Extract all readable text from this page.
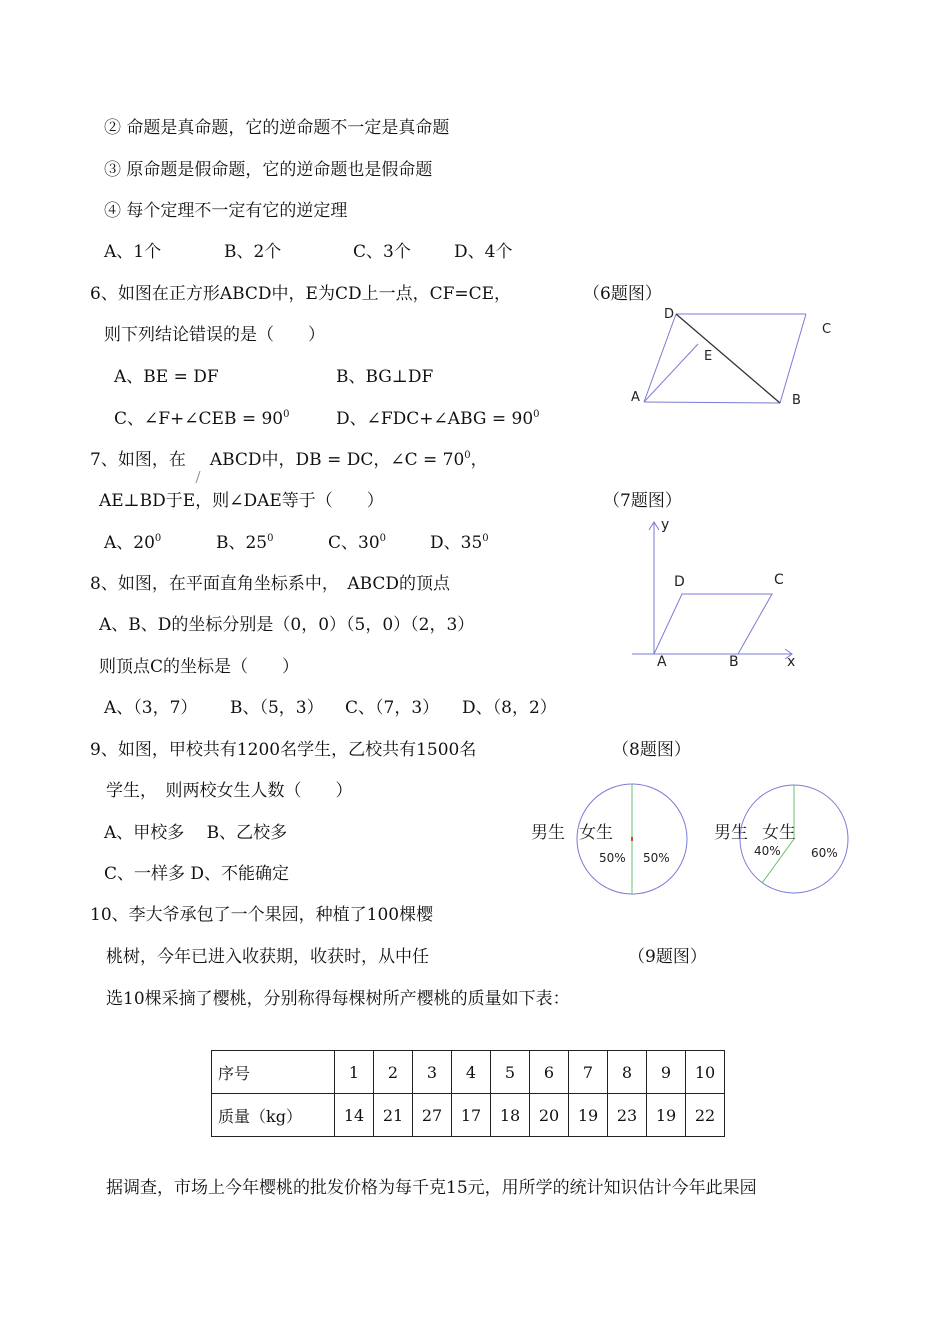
② 命题是真命题，它的逆命题不一定是真命题
③ 原命题是假命题，它的逆命题也是假命题
④ 每个定理不一定有它的逆定理
A、1个	B、2个	C、3个	D、4个
6、如图在正方形ABCD中，E为CD上一点，CF=CE，
则下列结论错误的是（　　）
A、BE = DF	B、BG⊥DF
C、∠F+∠CEB = $90^0$	D、∠FDC+∠ABG = $90^0$
（6题图）
D
C
E
A	B
7、如图，在 ABCD中，DB = DC，∠C = $70^0$，
AE⊥BD于E，则∠DAE等于（　　）
A、$20^0$	B、$25^0$	C、$30^0$	D、$35^0$
（7题图）
y
x
D	C
A	B
8、如图，在平面直角坐标系中，　ABCD的顶点
A、B、D的坐标分别是（0，0）（5，0）（2，3）
则顶点C的坐标是（　　）
A、（3，7） B、（5，3） C、（7，3） D、（8，2）
（8题图）
男生 女生	男生 女生
50% 50%	40%	60%
9、如图，甲校共有1200名学生，乙校共有1500名
学生，　则两校女生人数（　　）
A、甲校多　 B、乙校多
C、一样多 D、不能确定
（9题图）
10、李大爷承包了一个果园，种植了100棵樱
桃树，今年已进入收获期，收获时，从中任
选10棵采摘了樱桃，分别称得每棵树所产樱桃的质量如下表：
序号	1	2	3	4	5	6	7	8	9	10
质量（kg）	14	21	27	17	18	20	19	23	19	22
据调查，市场上今年樱桃的批发价格为每千克15元，用所学的统计知识估计今年此果园
